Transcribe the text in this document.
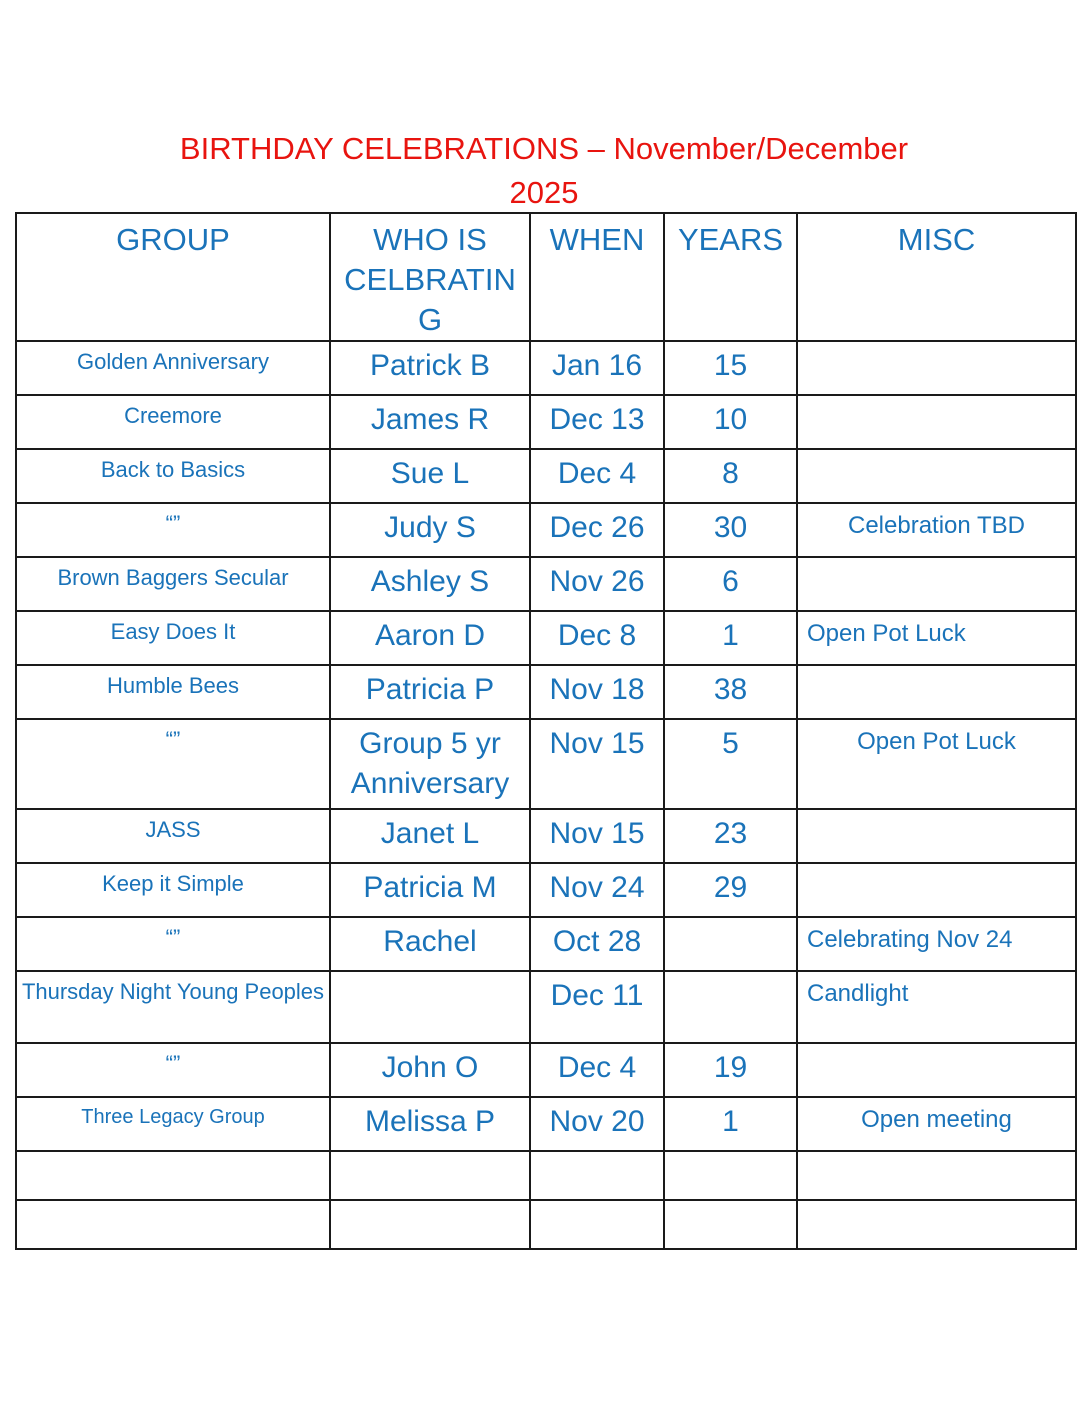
BIRTHDAY CELEBRATIONS – November/December
2025
GROUP	WHO IS CELBRATIN G	WHEN	YEARS	MISC
Golden Anniversary	Patrick B	Jan 16	15	
Creemore	James R	Dec 13	10	
Back to Basics	Sue L	Dec 4	8	
“”	Judy S	Dec 26	30	Celebration TBD
Brown Baggers Secular	Ashley S	Nov 26	6	
Easy Does It	Aaron D	Dec 8	1	Open Pot Luck
Humble Bees	Patricia P	Nov 18	38	
“”	Group 5 yr Anniversary	Nov 15	5	Open Pot Luck
JASS	Janet L	Nov 15	23	
Keep it Simple	Patricia M	Nov 24	29	
“”	Rachel	Oct 28		Celebrating Nov 24
Thursday Night Young Peoples		Dec 11		Candlight
“”	John O	Dec 4	19	
Three Legacy Group	Melissa P	Nov 20	1	Open meeting
